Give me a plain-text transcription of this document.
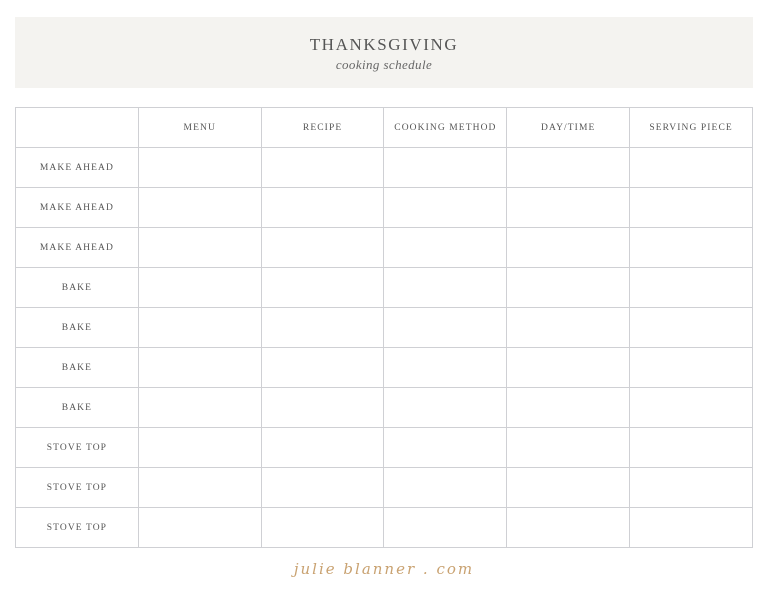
THANKSGIVING
cooking schedule
	MENU	RECIPE	COOKING METHOD	DAY/TIME	SERVING PIECE
MAKE AHEAD					
MAKE AHEAD					
MAKE AHEAD					
BAKE					
BAKE					
BAKE					
BAKE					
STOVE TOP					
STOVE TOP					
STOVE TOP					
julie blanner . com
